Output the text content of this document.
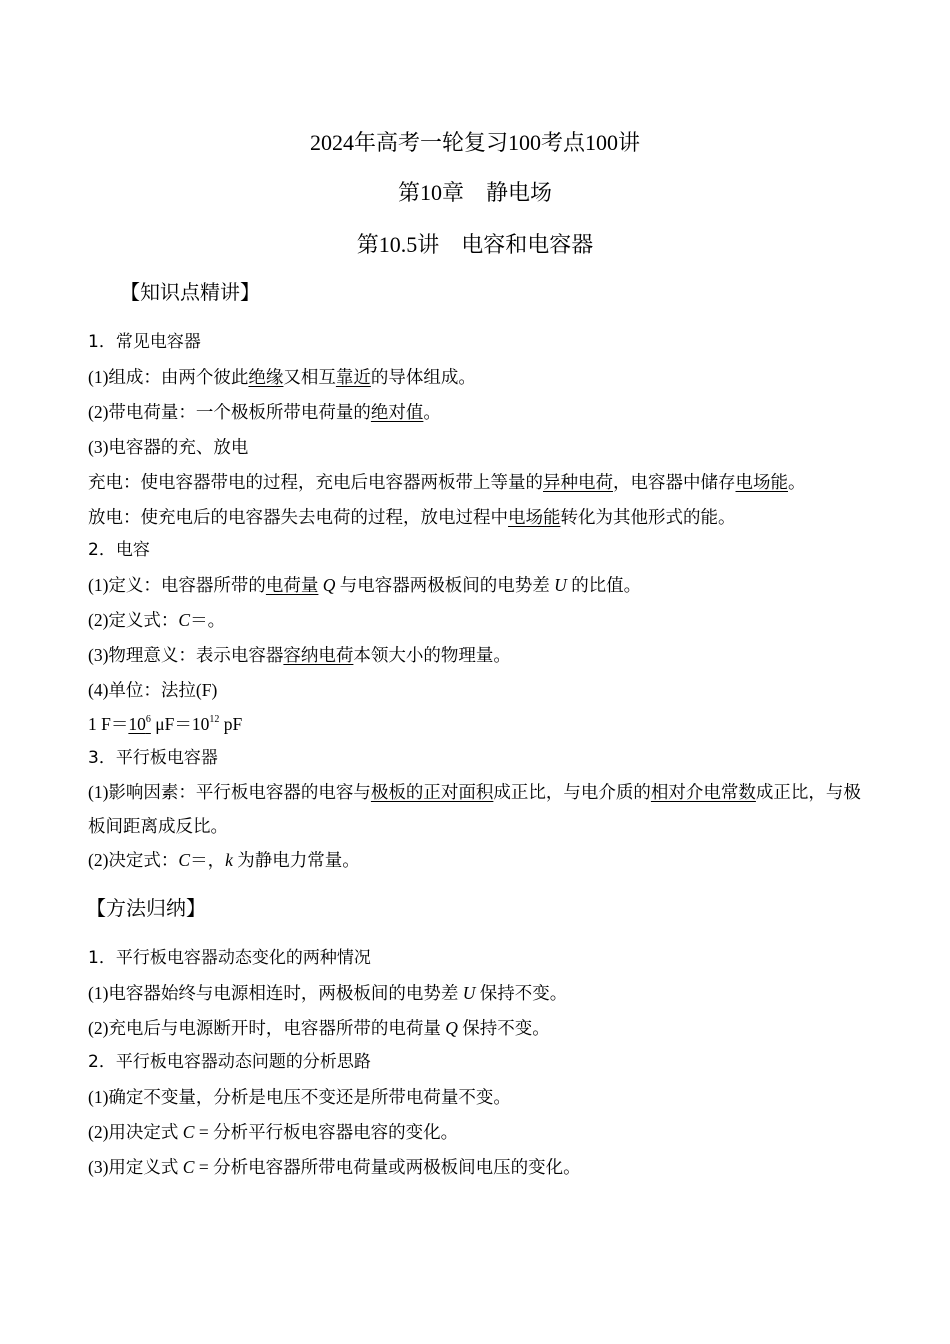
2024年高考一轮复习100考点100讲
第10章　静电场
第10.5讲　电容和电容器
【知识点精讲】
1．常见电容器
(1)组成：由两个彼此绝缘又相互靠近的导体组成。
(2)带电荷量：一个极板所带电荷量的绝对值。
(3)电容器的充、放电
充电：使电容器带电的过程，充电后电容器两板带上等量的异种电荷，电容器中储存电场能。
放电：使充电后的电容器失去电荷的过程，放电过程中电场能转化为其他形式的能。
2．电容
(1)定义：电容器所带的电荷量 Q 与电容器两极板间的电势差 U 的比值。
(2)定义式：C＝。
(3)物理意义：表示电容器容纳电荷本领大小的物理量。
(4)单位：法拉(F)
1 $F=10^6$ $\mu F=10^{12}$ pF
3．平行板电容器
(1)影响因素：平行板电容器的电容与极板的正对面积成正比，与电介质的相对介电常数成正比，与极板间距离成反比。
(2)决定式：C＝，k 为静电力常量。
【方法归纳】
1．平行板电容器动态变化的两种情况
(1)电容器始终与电源相连时，两极板间的电势差 U 保持不变。
(2)充电后与电源断开时，电容器所带的电荷量 Q 保持不变。
2．平行板电容器动态问题的分析思路
(1)确定不变量，分析是电压不变还是所带电荷量不变。
(2)用决定式 C = 分析平行板电容器电容的变化。
(3)用定义式 C = 分析电容器所带电荷量或两极板间电压的变化。
